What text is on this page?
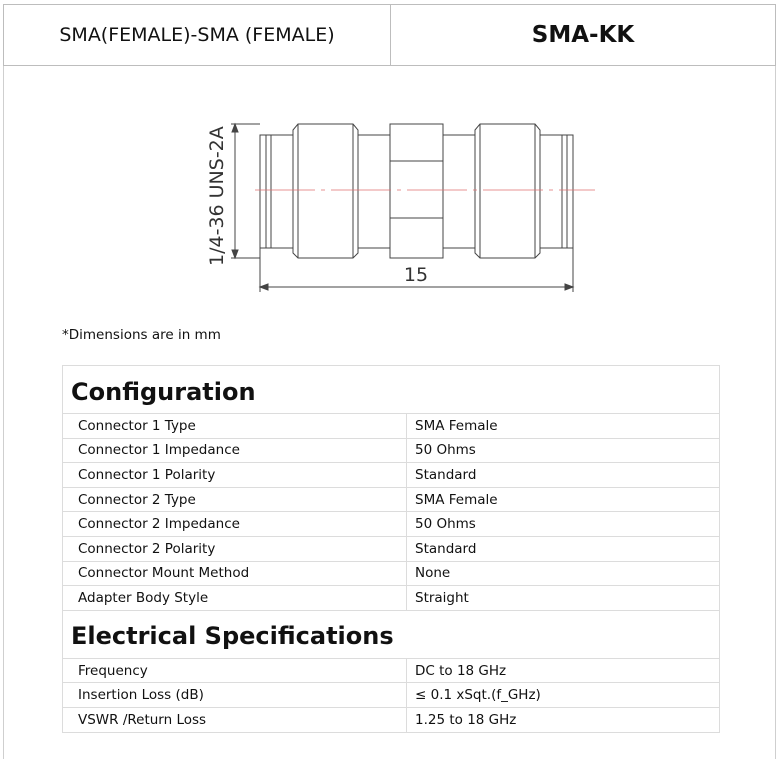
SMA(FEMALE)-SMA (FEMALE)	SMA-KK
1/4-36 UNS-2A
15
*Dimensions are in mm
Configuration	
Connector 1 Type	SMA Female
Connector 1 Impedance	50 Ohms
Connector 1 Polarity	Standard
Connector 2 Type	SMA Female
Connector 2 Impedance	50 Ohms
Connector 2 Polarity	Standard
Connector Mount Method	None
Adapter Body Style	Straight
Electrical Specifications	
Frequency	DC to 18 GHz
Insertion Loss (dB)	≤ 0.1 xSqt.(f_GHz)
VSWR /Return Loss	1.25 to 18 GHz
